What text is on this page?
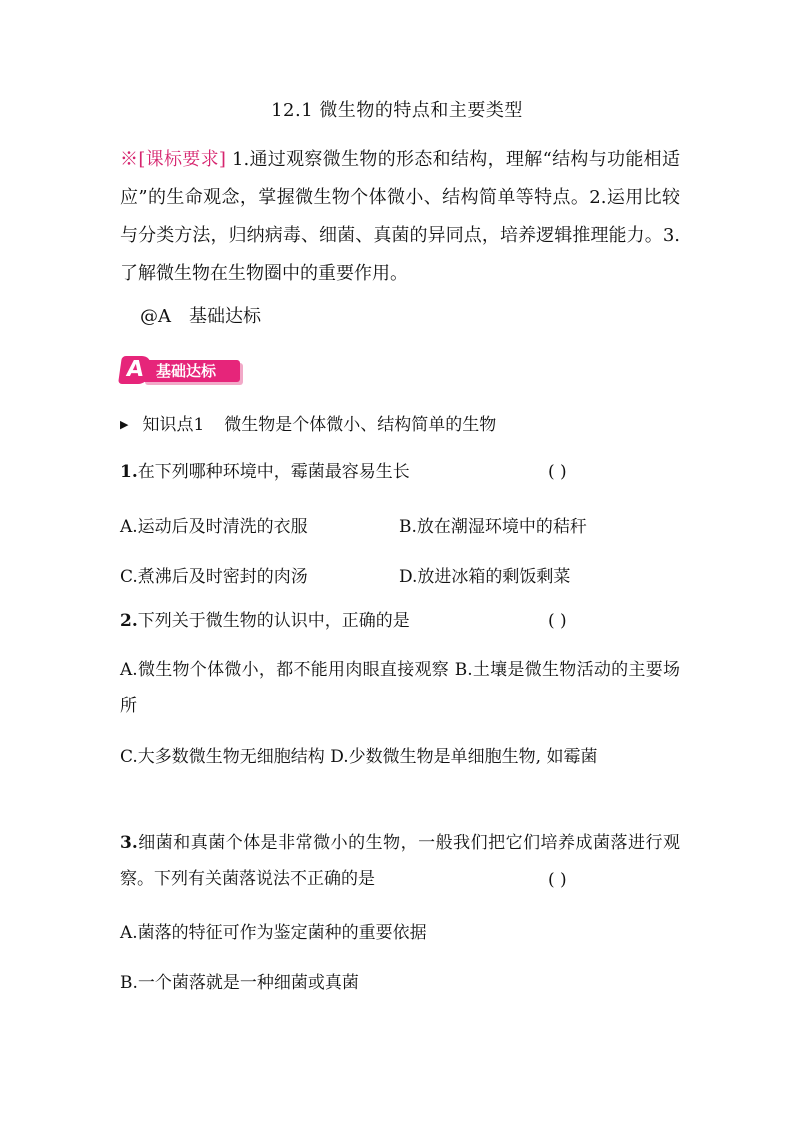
12.1 微生物的特点和主要类型
※[课标要求] 1.通过观察微生物的形态和结构，理解“结构与功能相适应”的生命观念，掌握微生物个体微小、结构简单等特点。2.运用比较与分类方法，归纳病毒、细菌、真菌的异同点，培养逻辑推理能力。3.了解微生物在生物圈中的重要作用。
@A 基础达标
基础达标
A
▶ 知识点1 微生物是个体微小、结构简单的生物
1.在下列哪种环境中，霉菌最容易生长	( )
A.运动后及时清洗的衣服	B.放在潮湿环境中的秸秆
C.煮沸后及时密封的肉汤	D.放进冰箱的剩饭剩菜
2.下列关于微生物的认识中，正确的是	( )
A.微生物个体微小，都不能用肉眼直接观察 B.土壤是微生物活动的主要场所
C.大多数微生物无细胞结构 D.少数微生物是单细胞生物, 如霉菌
3.细菌和真菌个体是非常微小的生物，一般我们把它们培养成菌落进行观察。下列有关菌落说法不正确的是	( )
A.菌落的特征可作为鉴定菌种的重要依据
B.一个菌落就是一种细菌或真菌
